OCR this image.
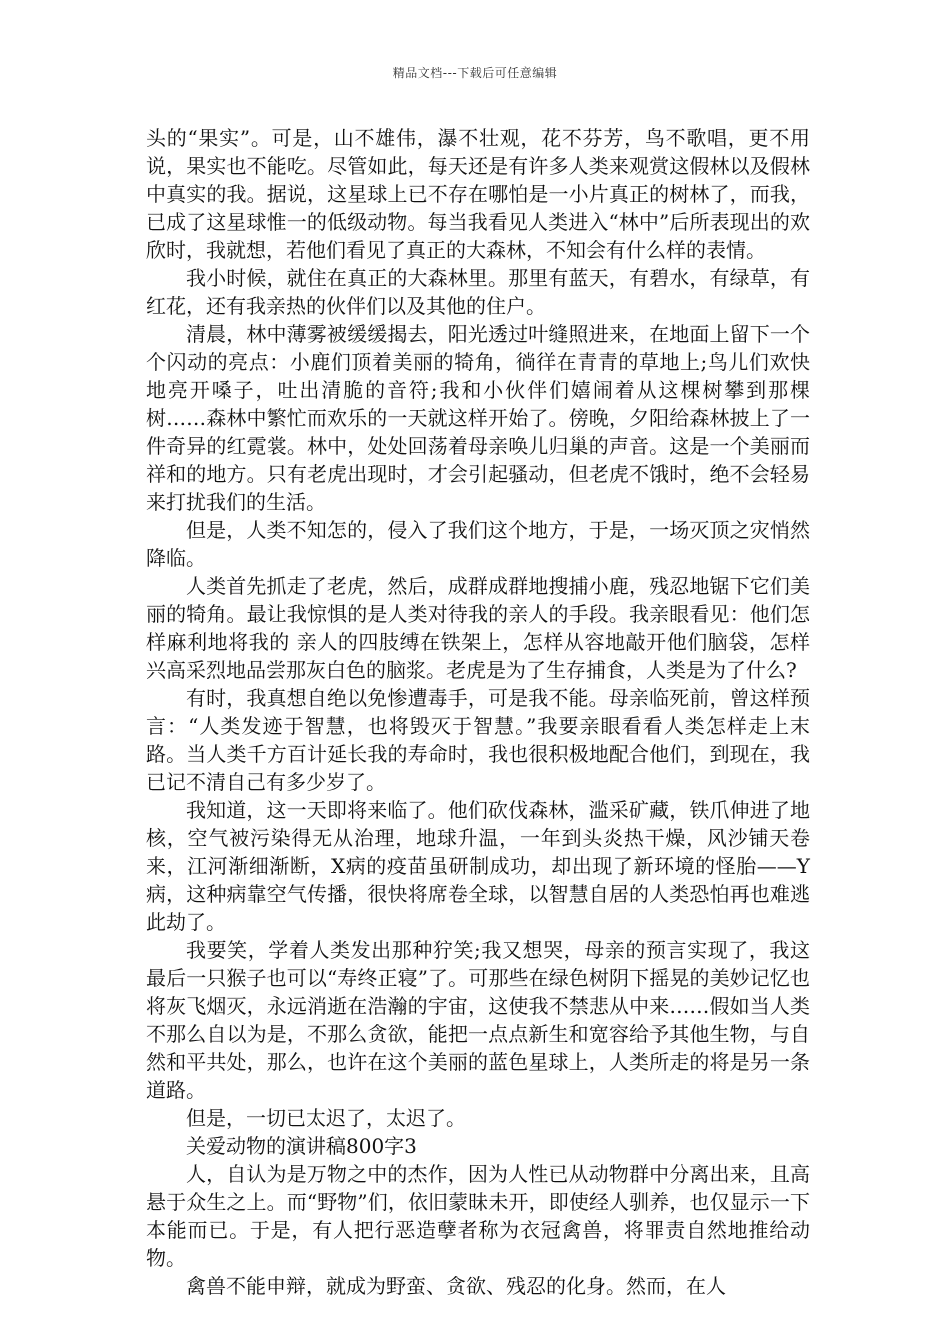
精品文档---下载后可任意编辑

头的“果实”。可是，山不雄伟，瀑不壮观，花不芬芳，鸟不歌唱，更不用说，果实也不能吃。尽管如此，每天还是有许多人类来观赏这假林以及假林中真实的我。据说，这星球上已不存在哪怕是一小片真正的树林了，而我，已成了这星球惟一的低级动物。每当我看见人类进入“林中”后所表现出的欢欣时，我就想，若他们看见了真正的大森林，不知会有什么样的表情。

我小时候，就住在真正的大森林里。那里有蓝天，有碧水，有绿草，有红花，还有我亲热的伙伴们以及其他的住户。

清晨，林中薄雾被缓缓揭去，阳光透过叶缝照进来，在地面上留下一个个闪动的亮点：小鹿们顶着美丽的犄角，徜徉在青青的草地上;鸟儿们欢快地亮开嗓子，吐出清脆的音符;我和小伙伴们嬉闹着从这棵树攀到那棵树……森林中繁忙而欢乐的一天就这样开始了。傍晚，夕阳给森林披上了一件奇异的红霓裳。林中，处处回荡着母亲唤儿归巢的声音。这是一个美丽而祥和的地方。只有老虎出现时，才会引起骚动，但老虎不饿时，绝不会轻易来打扰我们的生活。

但是，人类不知怎的，侵入了我们这个地方，于是，一场灭顶之灾悄然降临。

人类首先抓走了老虎，然后，成群成群地搜捕小鹿，残忍地锯下它们美丽的犄角。最让我惊惧的是人类对待我的亲人的手段。我亲眼看见：他们怎样麻利地将我的 亲人的四肢缚在铁架上，怎样从容地敲开他们脑袋，怎样兴高采烈地品尝那灰白色的脑浆。老虎是为了生存捕食，人类是为了什么?

有时，我真想自绝以免惨遭毒手，可是我不能。母亲临死前，曾这样预言：“人类发迹于智慧，也将毁灭于智慧。”我要亲眼看看人类怎样走上末路。当人类千方百计延长我的寿命时，我也很积极地配合他们，到现在，我已记不清自己有多少岁了。

我知道，这一天即将来临了。他们砍伐森林，滥采矿藏，铁爪伸进了地核，空气被污染得无从治理，地球升温，一年到头炎热干燥，风沙铺天卷来，江河渐细渐断，X病的疫苗虽研制成功，却出现了新环境的怪胎——Y病，这种病靠空气传播，很快将席卷全球，以智慧自居的人类恐怕再也难逃此劫了。

我要笑，学着人类发出那种狞笑;我又想哭，母亲的预言实现了，我这最后一只猴子也可以“寿终正寝”了。可那些在绿色树阴下摇晃的美妙记忆也将灰飞烟灭，永远消逝在浩瀚的宇宙，这使我不禁悲从中来……假如当人类不那么自以为是，不那么贪欲，能把一点点新生和宽容给予其他生物，与自然和平共处，那么，也许在这个美丽的蓝色星球上，人类所走的将是另一条道路。

但是，一切已太迟了，太迟了。

关爱动物的演讲稿800字3

人，自认为是万物之中的杰作，因为人性已从动物群中分离出来，且高悬于众生之上。而“野物”们，依旧蒙昧未开，即使经人驯养，也仅显示一下本能而已。于是，有人把行恶造孽者称为衣冠禽兽，将罪责自然地推给动物。

禽兽不能申辩，就成为野蛮、贪欲、残忍的化身。然而，在人
